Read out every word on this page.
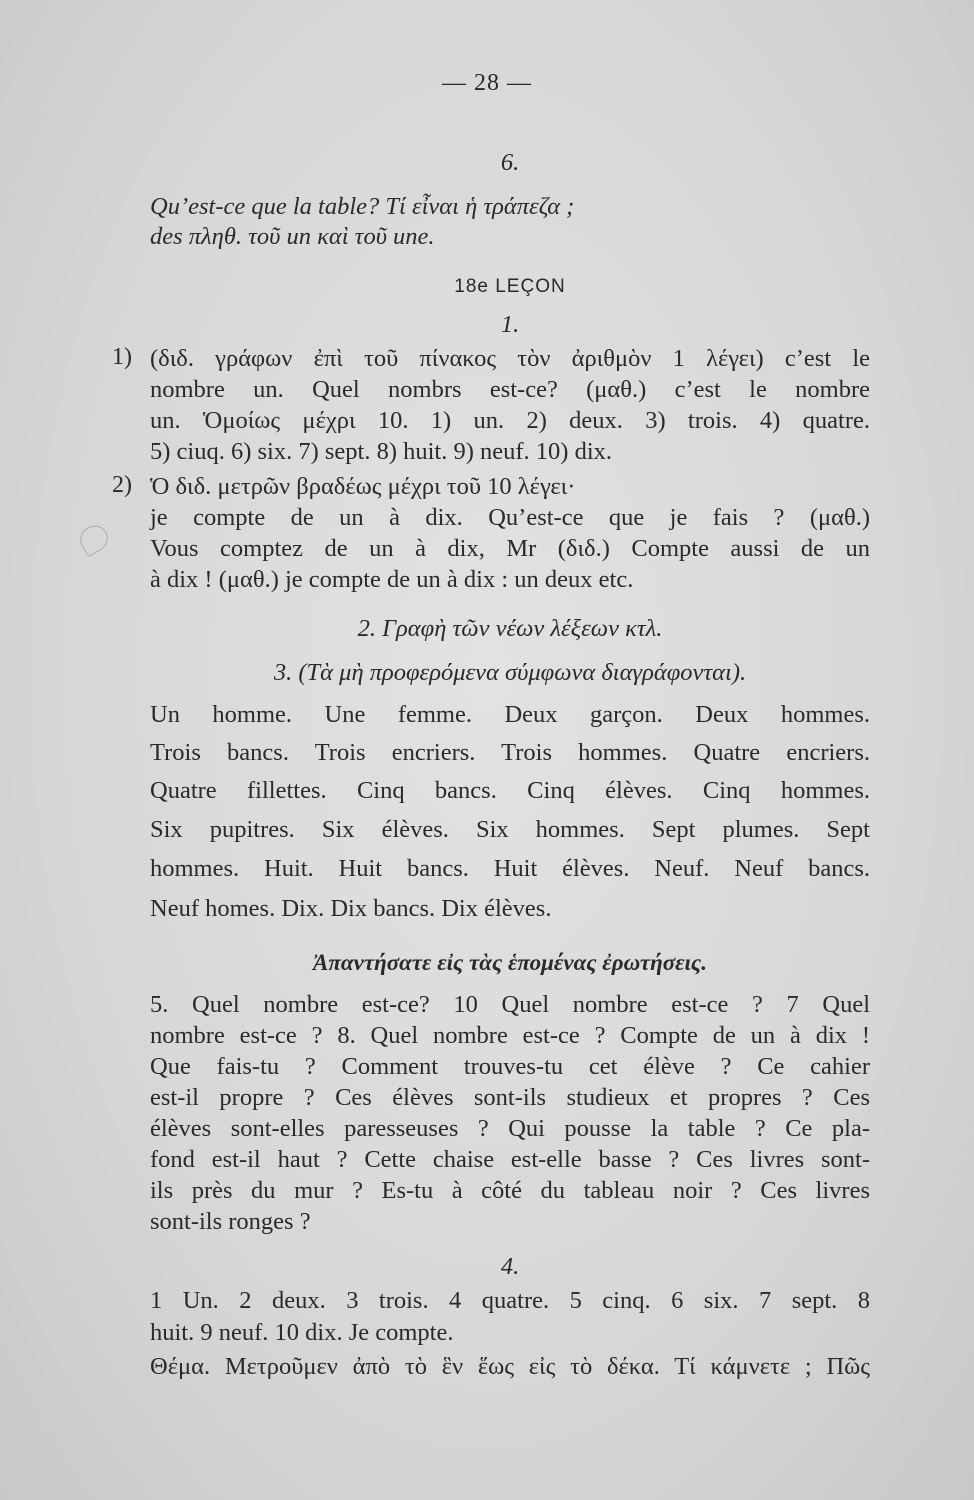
— 28 —
6.
Qu’est-ce que la table? Τί εἶναι ἡ τράπεζα ;
des πληθ. τοῦ un καὶ τοῦ une.
18e LEÇON
1.
1) (διδ. γράφων ἐπὶ τοῦ πίνακος τὸν ἀριθμὸν 1 λέγει) c’est le
nombre un. Quel nombrs est-ce? (μαθ.) c’est le nombre
un. Ὁμοίως μέχρι 10. 1) un. 2) deux. 3) trois. 4) quatre.
5) ciuq. 6) six. 7) sept. 8) huit. 9) neuf. 10) dix.
2) Ὁ διδ. μετρῶν βραδέως μέχρι τοῦ 10 λέγει·
je compte de un à dix. Qu’est-ce que je fais ? (μαθ.)
Vous comptez de un à dix, Mr (διδ.) Compte aussi de un
à dix ! (μαθ.) je compte de un à dix : un deux etc.
2. Γραφὴ τῶν νέων λέξεων κτλ.
3. (Τὰ μὴ προφερόμενα σύμφωνα διαγράφονται).
Un homme. Une femme. Deux garçon. Deux hommes.
Trois bancs. Trois encriers. Trois hommes. Quatre encriers.
Quatre fillettes. Cinq bancs. Cinq élèves. Cinq hommes.
Six pupitres. Six élèves. Six hommes. Sept plumes. Sept
hommes. Huit. Huit bancs. Huit élèves. Neuf. Neuf bancs.
Neuf homes. Dix. Dix bancs. Dix élèves.
Ἀπαντήσατε εἰς τὰς ἑπομένας ἐρωτήσεις.
5. Quel nombre est-ce? 10 Quel nombre est-ce ? 7 Quel
nombre est-ce ? 8. Quel nombre est-ce ? Compte de un à dix !
Que fais-tu ? Comment trouves-tu cet élève ? Ce cahier
est-il propre ? Ces élèves sont-ils studieux et propres ? Ces
élèves sont-elles paresseuses ? Qui pousse la table ? Ce pla-
fond est-il haut ? Cette chaise est-elle basse ? Ces livres sont-
ils près du mur ? Es-tu à côté du tableau noir ? Ces livres
sont-ils ronges ?
4.
1 Un. 2 deux. 3 trois. 4 quatre. 5 cinq. 6 six. 7 sept. 8
huit. 9 neuf. 10 dix. Je compte.
Θέμα. Μετροῦμεν ἀπὸ τὸ ἓν ἕως εἰς τὸ δέκα. Τί κάμνετε ; Πῶς
